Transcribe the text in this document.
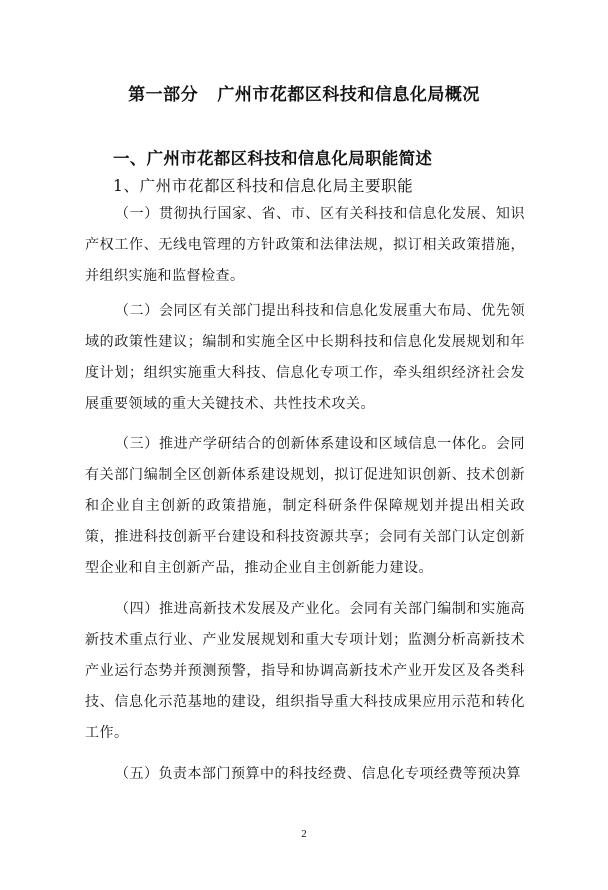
第一部分   广州市花都区科技和信息化局概况
一、广州市花都区科技和信息化局职能简述
1、广州市花都区科技和信息化局主要职能

（一）贯彻执行国家、省、市、区有关科技和信息化发展、知识产权工作、无线电管理的方针政策和法律法规，拟订相关政策措施，并组织实施和监督检查。

（二）会同区有关部门提出科技和信息化发展重大布局、优先领域的政策性建议；编制和实施全区中长期科技和信息化发展规划和年度计划；组织实施重大科技、信息化专项工作，牵头组织经济社会发展重要领域的重大关键技术、共性技术攻关。

（三）推进产学研结合的创新体系建设和区域信息一体化。会同有关部门编制全区创新体系建设规划，拟订促进知识创新、技术创新和企业自主创新的政策措施，制定科研条件保障规划并提出相关政策，推进科技创新平台建设和科技资源共享；会同有关部门认定创新型企业和自主创新产品，推动企业自主创新能力建设。

（四）推进高新技术发展及产业化。会同有关部门编制和实施高新技术重点行业、产业发展规划和重大专项计划；监测分析高新技术产业运行态势并预测预警，指导和协调高新技术产业开发区及各类科技、信息化示范基地的建设，组织指导重大科技成果应用示范和转化工作。

（五）负责本部门预算中的科技经费、信息化专项经费等预决算

2
